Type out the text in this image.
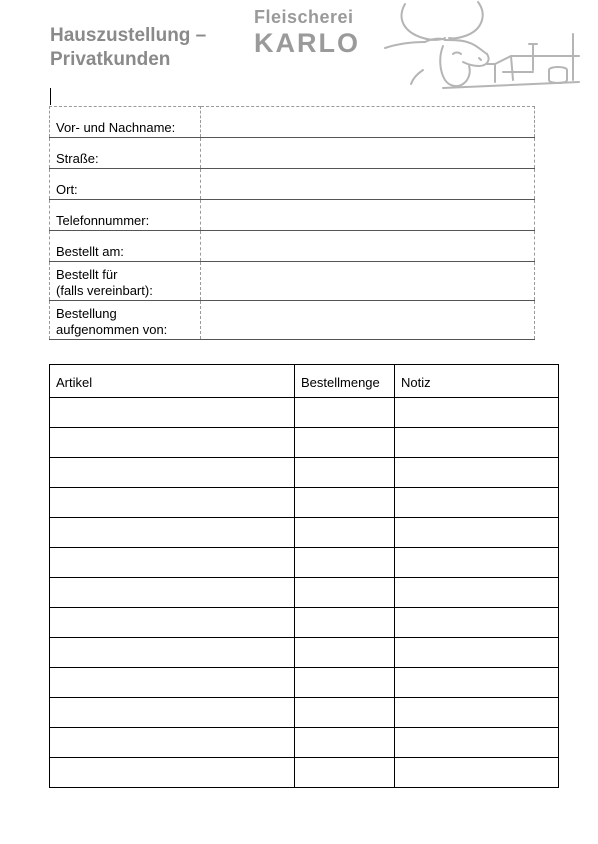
Hauszustellung –
Privatkunden
Fleischerei
KARLO
Vor- und Nachname:	
Straße:	
Ort:	
Telefonnummer:	
Bestellt am:	

Bestellt für
(falls vereinbart):	

Bestellung
aufgenommen von:	

Artikel	Bestellmenge	Notiz
